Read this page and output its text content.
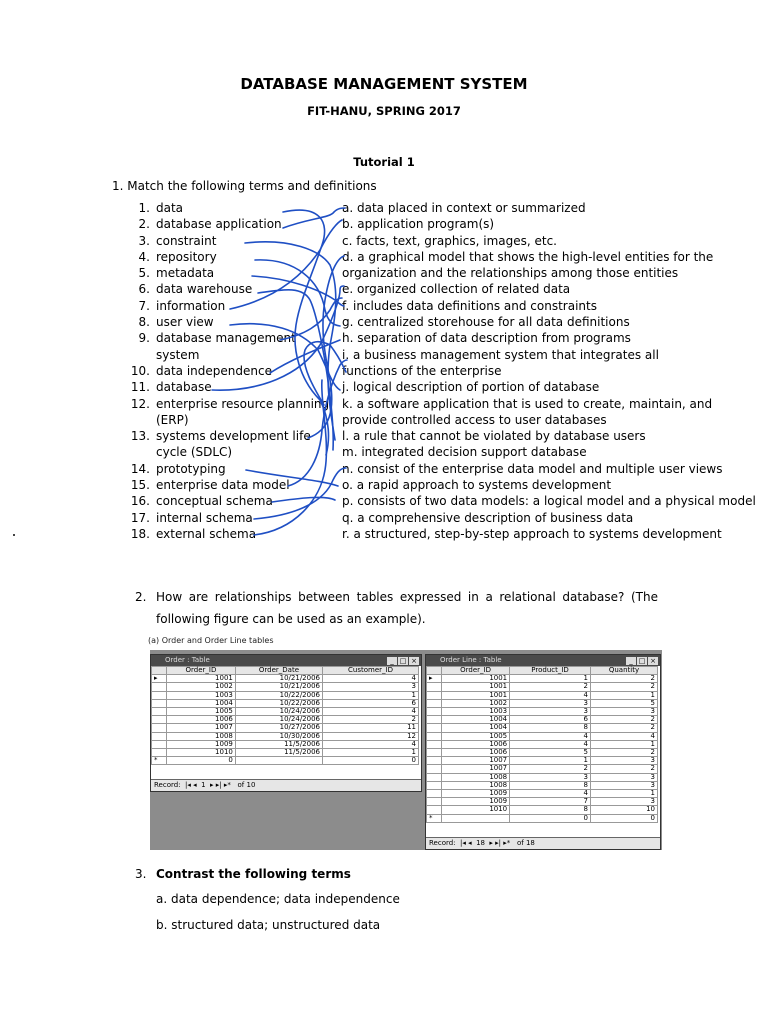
DATABASE MANAGEMENT SYSTEM
FIT-HANU, SPRING 2017
Tutorial 1
1. Match the following terms and definitions
1. data
2. database application
3. constraint
4. repository
5. metadata
6. data warehouse
7. information
8. user view
9. database management
system
10. data independence
11. database
12. enterprise resource planning
(ERP)
13. systems development life
cycle (SDLC)
14. prototyping
15. enterprise data model
16. conceptual schema
17. internal schema
18. external schema
a. data placed in context or summarized
b. application program(s)
c. facts, text, graphics, images, etc.
d. a graphical model that shows the high-level entities for the
organization and the relationships among those entities
e. organized collection of related data
f. includes data definitions and constraints
g. centralized storehouse for all data definitions
h. separation of data description from programs
i. a business management system that integrates all
functions of the enterprise
j. logical description of portion of database
k. a software application that is used to create, maintain, and
provide controlled access to user databases
l. a rule that cannot be violated by database users
m. integrated decision support database
n. consist of the enterprise data model and multiple user views
o. a rapid approach to systems development
p. consists of two data models: a logical model and a physical model
q. a comprehensive description of business data
r. a structured, step-by-step approach to systems development
2. How are relationships between tables expressed in a relational database? (The
following figure can be used as an example).
(a) Order and Order Line tables
Order : Table	_ □ ×
	Order_ID	Order_Date	Customer_ID
▸	1001	10/21/2006	4
	1002	10/21/2006	3
	1003	10/22/2006	1
	1004	10/22/2006	6
	1005	10/24/2006	4
	1006	10/24/2006	2
	1007	10/27/2006	11
	1008	10/30/2006	12
	1009	11/5/2006	4
	1010	11/5/2006	1
*	0		0
Record:  |◂ ◂  1  ▸ ▸| ▸*   of 10
Order Line : Table	_ □ ×
	Order_ID	Product_ID	Quantity
▸	1001	1	2
	1001	2	2
	1001	4	1
	1002	3	5
	1003	3	3
	1004	6	2
	1004	8	2
	1005	4	4
	1006	4	1
	1006	5	2
	1007	1	3
	1007	2	2
	1008	3	3
	1008	8	3
	1009	4	1
	1009	7	3
	1010	8	10
*		0	0
Record:  |◂ ◂  18  ▸ ▸| ▸*   of 18
3. Contrast the following terms
a. data dependence; data independence
b. structured data; unstructured data
